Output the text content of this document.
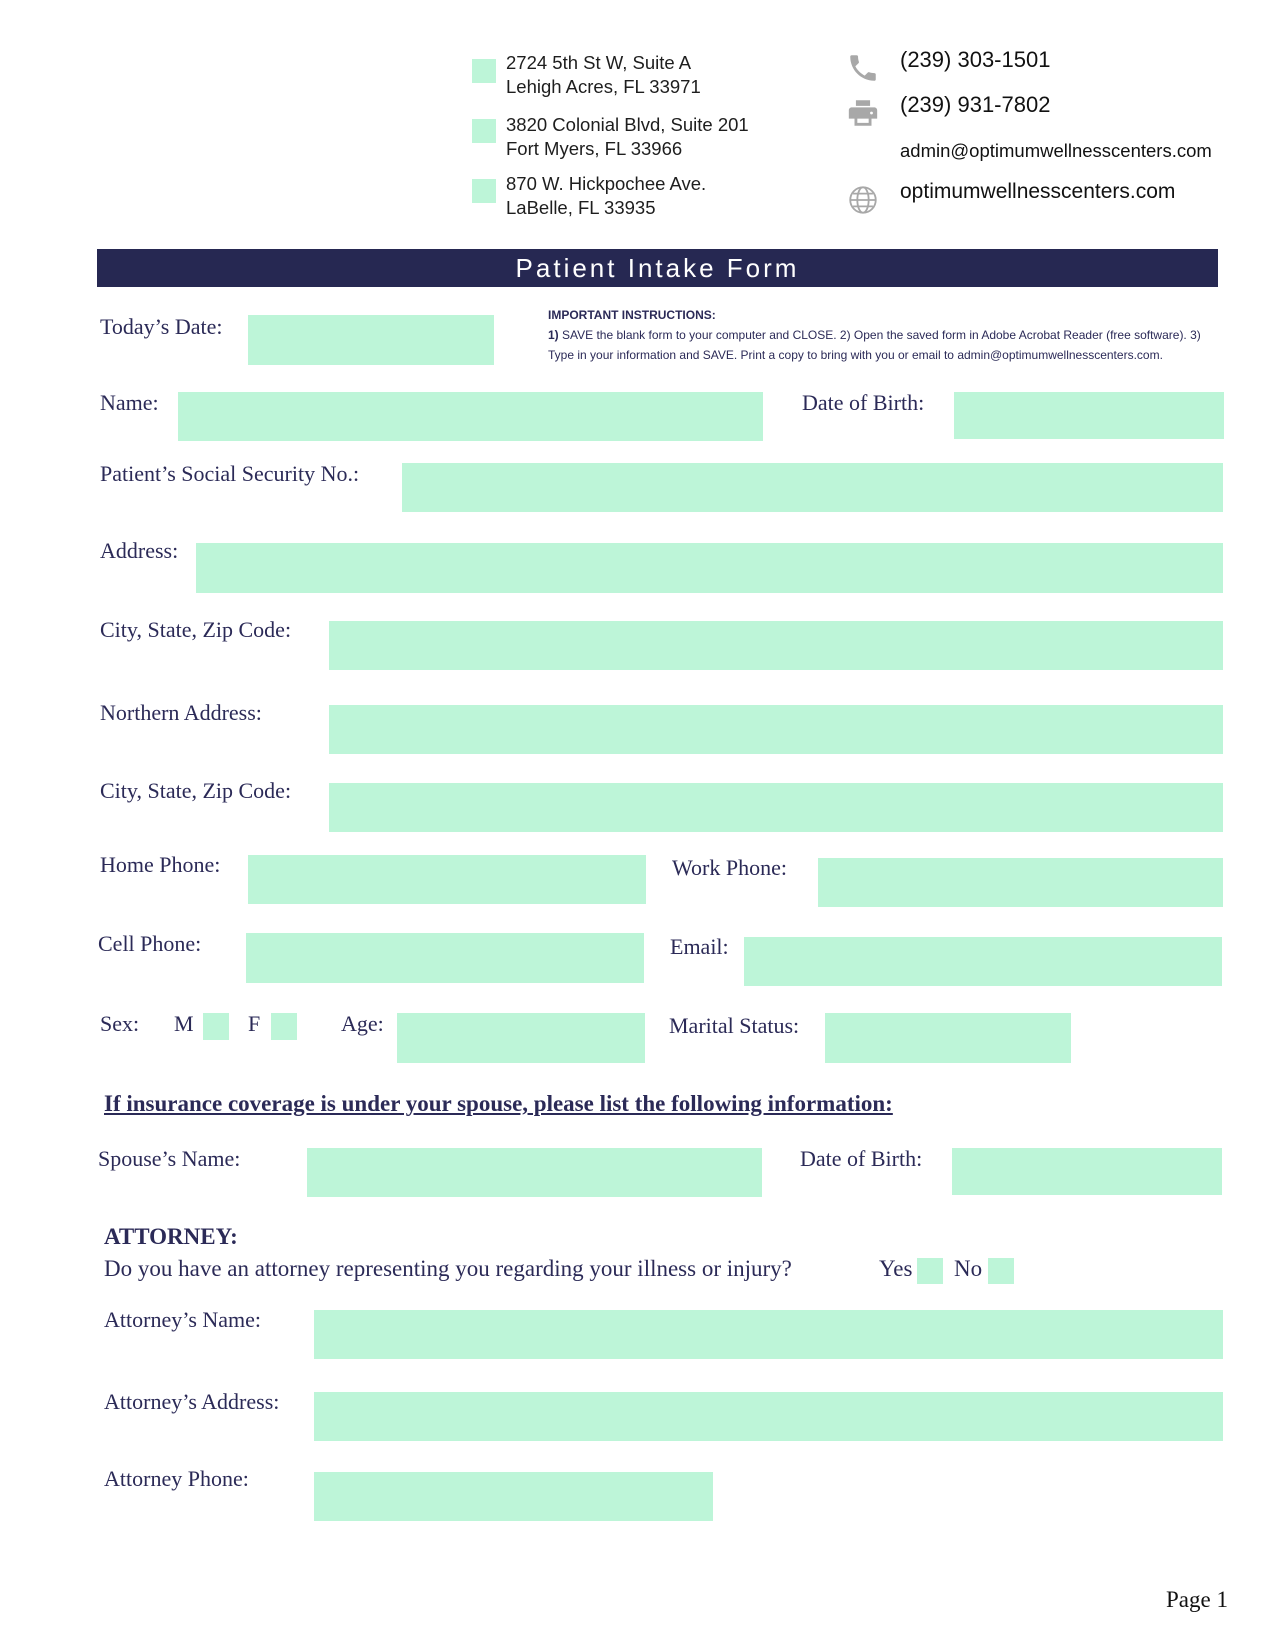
2724 5th St W, Suite A
Lehigh Acres, FL 33971
3820 Colonial Blvd, Suite 201
Fort Myers, FL 33966
870 W. Hickpochee Ave.
LaBelle, FL 33935
(239) 303-1501
(239) 931-7802
admin@optimumwellnesscenters.com
optimumwellnesscenters.com
Patient Intake Form
IMPORTANT INSTRUCTIONS:
1) SAVE the blank form to your computer and CLOSE. 2) Open the saved form in Adobe Acrobat Reader (free software). 3) Type in your information and SAVE. Print a copy to bring with you or email to admin@optimumwellnesscenters.com.
Today’s Date:
Name:	Date of Birth:
Patient’s Social Security No.:
Address:
City, State, Zip Code:
Northern Address:
City, State, Zip Code:
Home Phone:	Work Phone:
Cell Phone:	Email:
Sex: M F	Age:	Marital Status:
If insurance coverage is under your spouse, please list the following information:
Spouse’s Name:	Date of Birth:
ATTORNEY:
Do you have an attorney representing you regarding your illness or injury?	Yes No
Attorney’s Name:
Attorney’s Address:
Attorney Phone:
Page 1
